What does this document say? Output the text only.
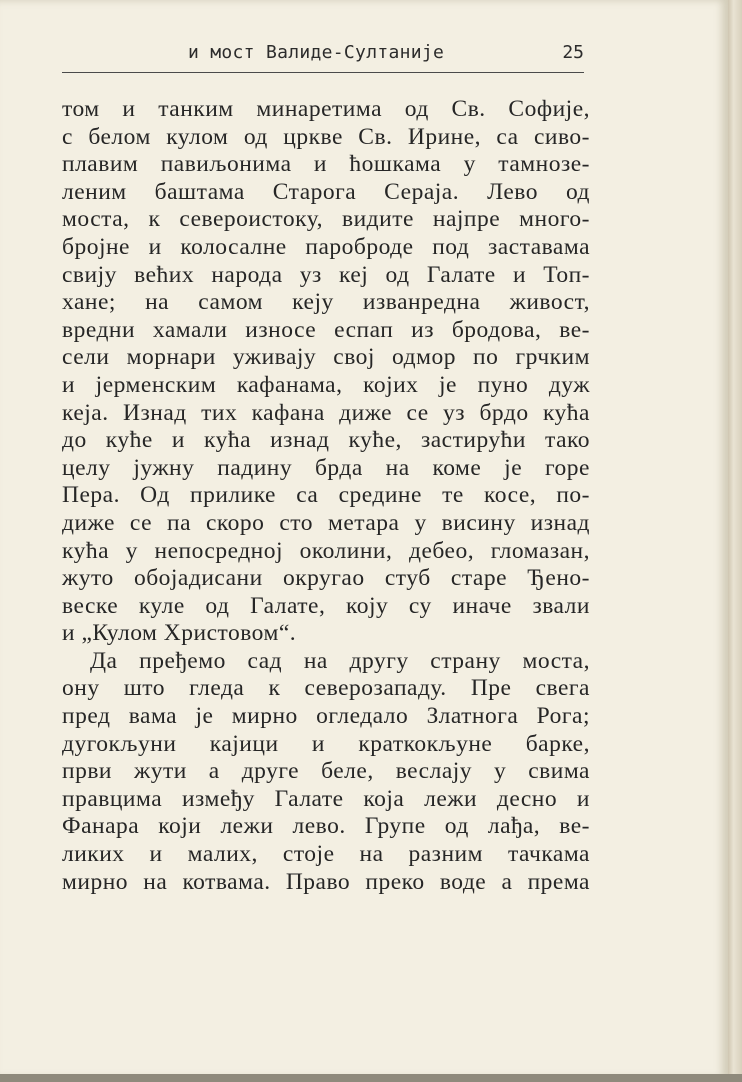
и мост Валиде-Султаније	25
том и танким минаретима од Св. Софије,
с белом кулом од цркве Св. Ирине, са сиво-
плавим павиљонима и ћошкама у тамнозе-
леним баштама Старога Сераја. Лево од
моста, к североистоку, видите најпре много-
бројне и колосалне пароброде под заставама
свију већих народа уз кеј од Галате и Топ-
хане; на самом кеју изванредна живост,
вредни хамали износе еспап из бродова, ве-
сели морнари уживају свој одмор по грчким
и јерменским кафанама, којих је пуно дуж
кеја. Изнад тих кафана диже се уз брдо кућа
до куће и кућа изнад куће, застирући тако
целу јужну падину брда на коме је горе
Пера. Од прилике са средине те косе, по-
диже се па скоро сто метара у висину изнад
кућа у непосредној околини, дебео, гломазан,
жуто обојадисани округао стуб старе Ђено-
веске куле од Галате, коју су иначе звали
и „Кулом Христовом“.
Да пређемо сад на другу страну моста,
ону што гледа к северозападу. Пре свега
пред вама је мирно огледало Златнога Рога;
дугокљуни кајици и краткокљуне барке,
први жути а друге беле, веслају у свима
правцима између Галате која лежи десно и
Фанара који лежи лево. Групе од лађа, ве-
ликих и малих, стоје на разним тачкама
мирно на котвама. Право преко воде а према
